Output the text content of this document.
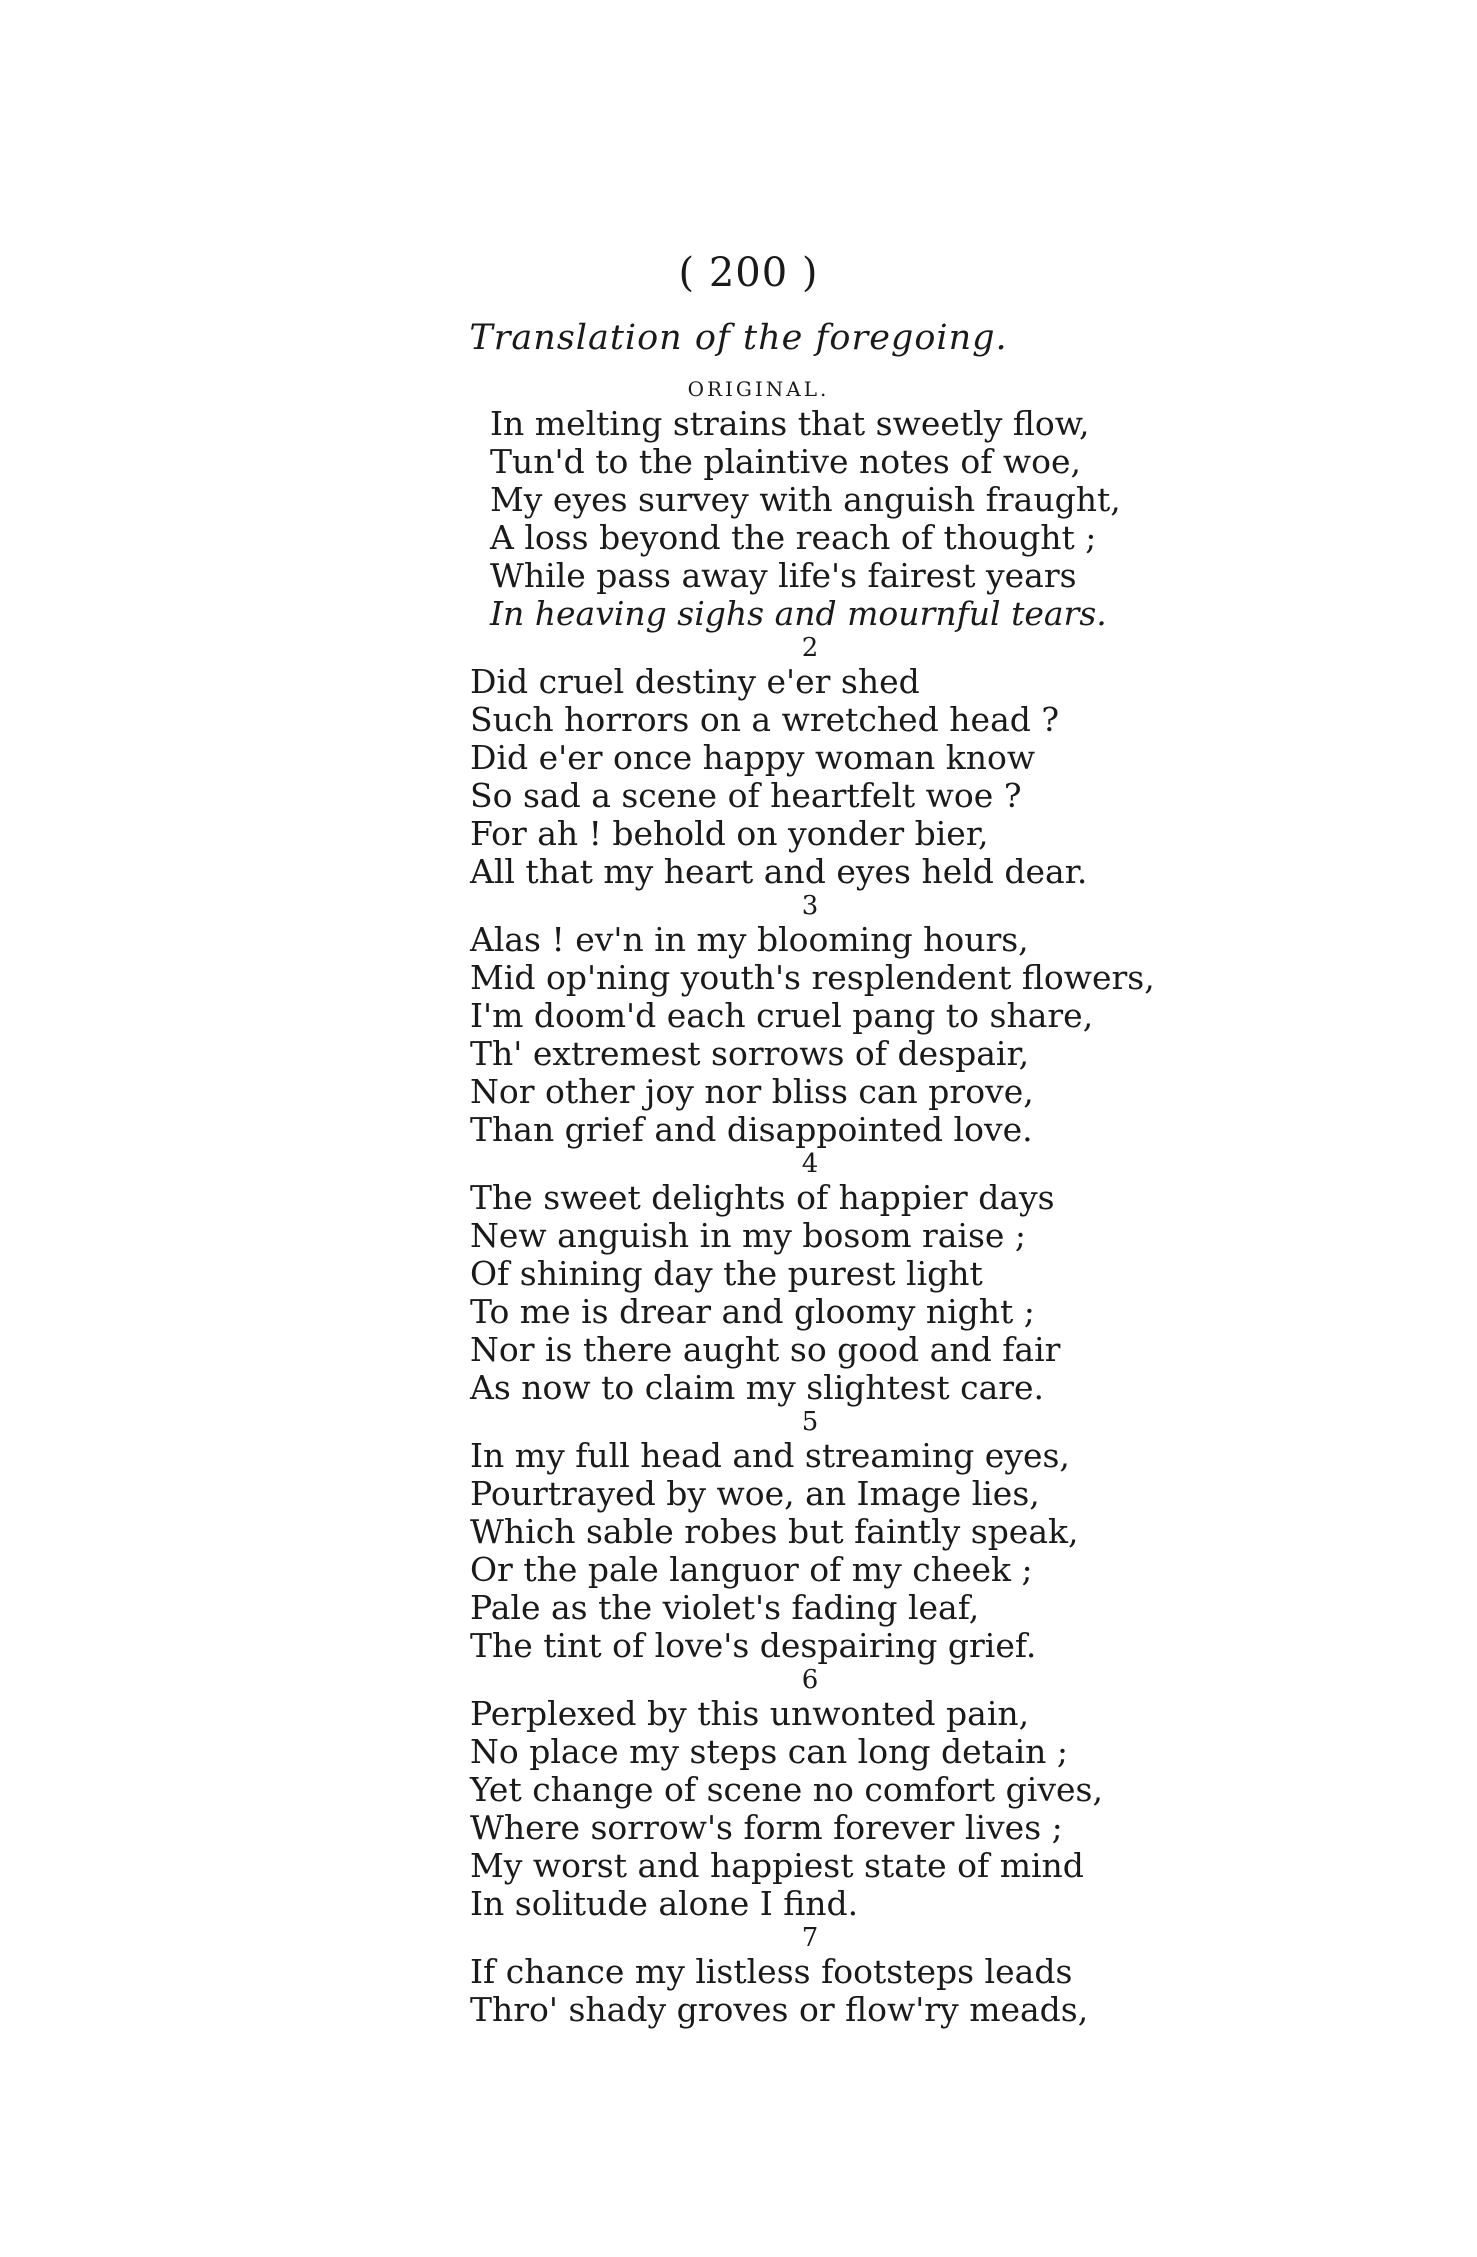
( 200 )
Translation of the foregoing.
ORIGINAL.
In melting strains that sweetly flow,
Tun'd to the plaintive notes of woe,
My eyes survey with anguish fraught,
A loss beyond the reach of thought ;
While pass away life's fairest years
In heaving sighs and mournful tears.
2
Did cruel destiny e'er shed
Such horrors on a wretched head ?
Did e'er once happy woman know
So sad a scene of heartfelt woe ?
For ah ! behold on yonder bier,
All that my heart and eyes held dear.
3
Alas ! ev'n in my blooming hours,
Mid op'ning youth's resplendent flowers,
I'm doom'd each cruel pang to share,
Th' extremest sorrows of despair,
Nor other joy nor bliss can prove,
Than grief and disappointed love.
4
The sweet delights of happier days
New anguish in my bosom raise ;
Of shining day the purest light
To me is drear and gloomy night ;
Nor is there aught so good and fair
As now to claim my slightest care.
5
In my full head and streaming eyes,
Pourtrayed by woe, an Image lies,
Which sable robes but faintly speak,
Or the pale languor of my cheek ;
Pale as the violet's fading leaf,
The tint of love's despairing grief.
6
Perplexed by this unwonted pain,
No place my steps can long detain ;
Yet change of scene no comfort gives,
Where sorrow's form forever lives ;
My worst and happiest state of mind
In solitude alone I find.
7
If chance my listless footsteps leads
Thro' shady groves or flow'ry meads,
